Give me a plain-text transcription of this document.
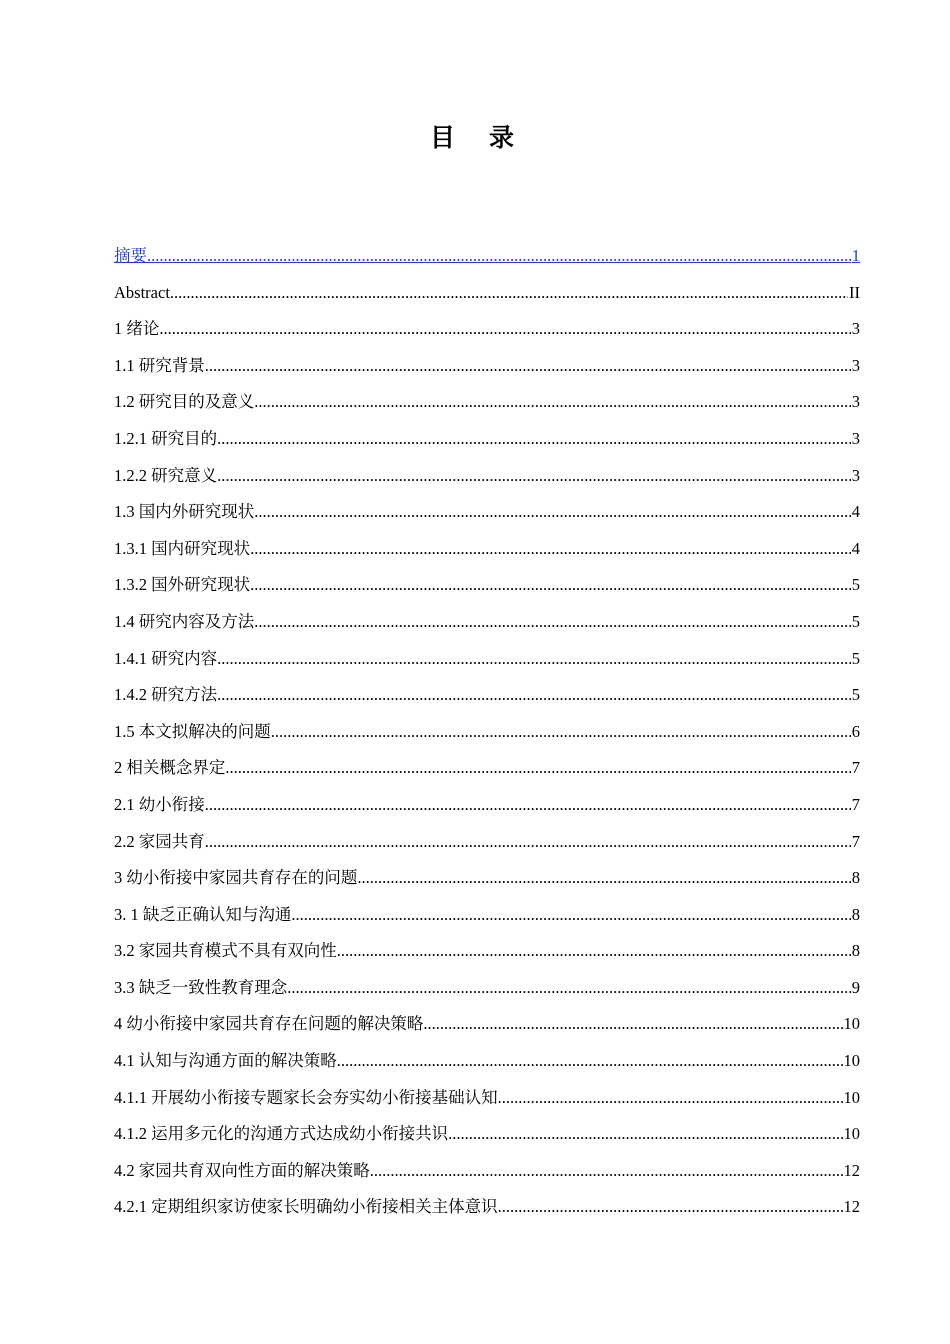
目 录
摘要 .....	1
Abstract .....	II
1 绪论 .....	3
1.1 研究背景 .....	3
1.2 研究目的及意义 .....	3
1.2.1 研究目的 .....	3
1.2.2 研究意义 .....	3
1.3 国内外研究现状 .....	4
1.3.1 国内研究现状 .....	4
1.3.2 国外研究现状 .....	5
1.4 研究内容及方法 .....	5
1.4.1 研究内容 .....	5
1.4.2 研究方法 .....	5
1.5 本文拟解决的问题 .....	6
2 相关概念界定 .....	7
2.1 幼小衔接 .....	7
2.2 家园共育 .....	7
3 幼小衔接中家园共育存在的问题 .....	8
3. 1 缺乏正确认知与沟通 .....	8
3.2 家园共育模式不具有双向性 .....	8
3.3 缺乏一致性教育理念 .....	9
4 幼小衔接中家园共育存在问题的解决策略 .....	10
4.1 认知与沟通方面的解决策略 .....	10
4.1.1 开展幼小衔接专题家长会夯实幼小衔接基础认知 .....	10
4.1.2 运用多元化的沟通方式达成幼小衔接共识 .....	10
4.2 家园共育双向性方面的解决策略 .....	12
4.2.1 定期组织家访使家长明确幼小衔接相关主体意识 .....	12
